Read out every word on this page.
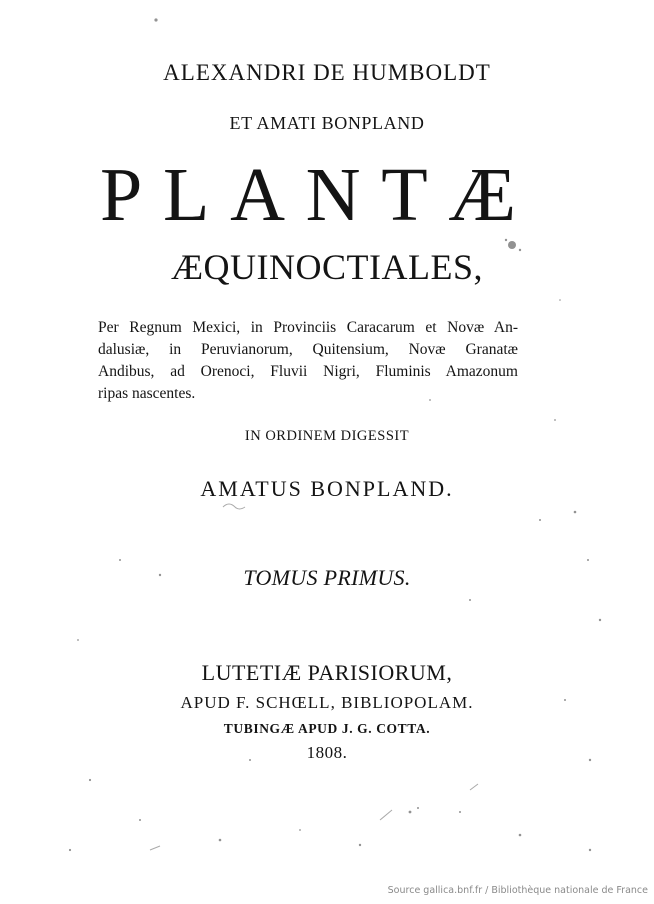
ALEXANDRI DE HUMBOLDT
ET AMATI BONPLAND
P L A N T Æ
ÆQUINOCTIALES,
Per Regnum Mexici, in Provinciis Caracarum et Novæ An-
dalusiæ, in Peruvianorum, Quitensium, Novæ Granatæ
Andibus, ad Orenoci, Fluvii Nigri, Fluminis Amazonum
ripas nascentes.
IN ORDINEM DIGESSIT
AMATUS BONPLAND.
TOMUS PRIMUS.
LUTETIÆ PARISIORUM,
APUD F. SCHŒLL, BIBLIOPOLAM.
TUBINGÆ APUD J. G. COTTA.
1808.
Source gallica.bnf.fr / Bibliothèque nationale de France
